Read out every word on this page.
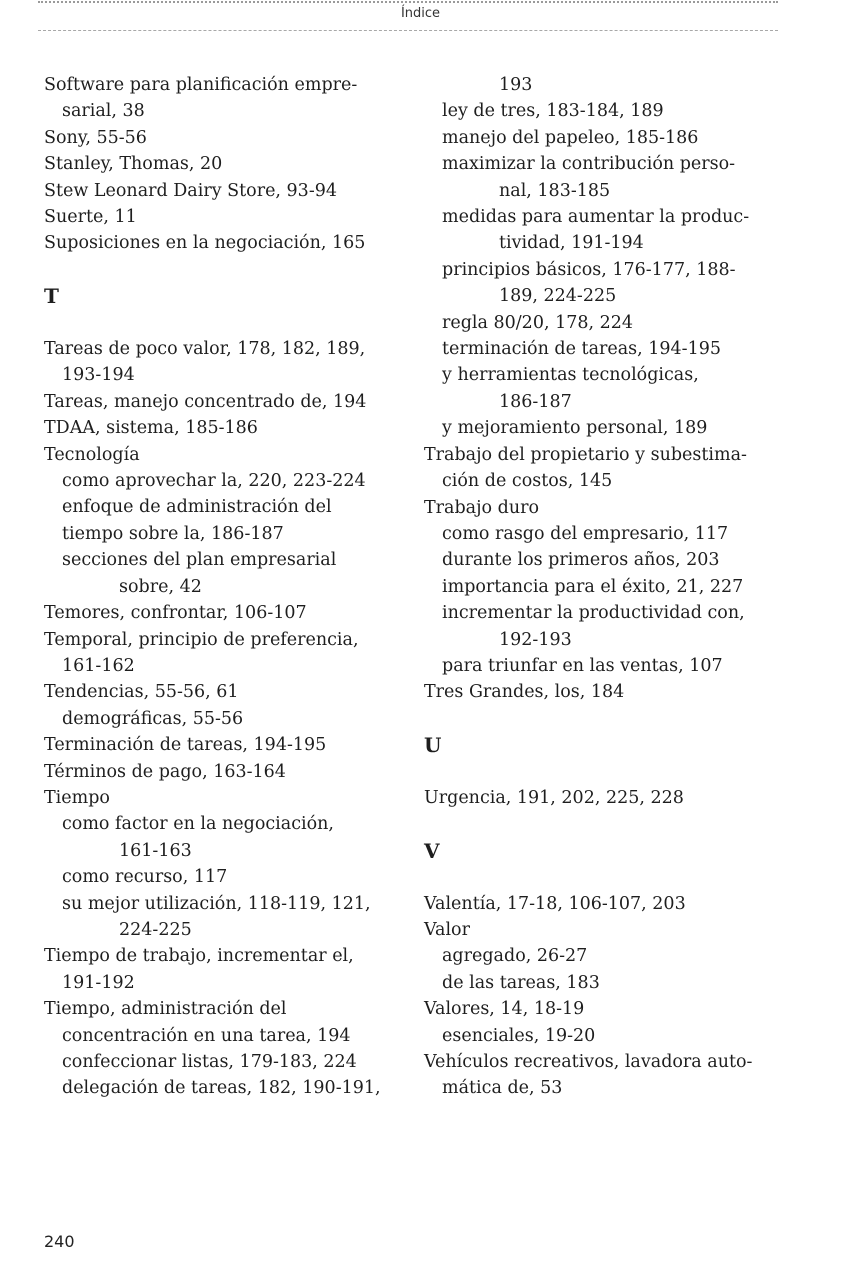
Índice
Software para planificación empre-
sarial, 38
Sony, 55-56
Stanley, Thomas, 20
Stew Leonard Dairy Store, 93-94
Suerte, 11
Suposiciones en la negociación, 165
T
Tareas de poco valor, 178, 182, 189,
193-194
Tareas, manejo concentrado de, 194
TDAA, sistema, 185-186
Tecnología
como aprovechar la, 220, 223-224
enfoque de administración del
tiempo sobre la, 186-187
secciones del plan empresarial
sobre, 42
Temores, confrontar, 106-107
Temporal, principio de preferencia,
161-162
Tendencias, 55-56, 61
demográficas, 55-56
Terminación de tareas, 194-195
Términos de pago, 163-164
Tiempo
como factor en la negociación,
161-163
como recurso, 117
su mejor utilización, 118-119, 121,
224-225
Tiempo de trabajo, incrementar el,
191-192
Tiempo, administración del
concentración en una tarea, 194
confeccionar listas, 179-183, 224
delegación de tareas, 182, 190-191,
193
ley de tres, 183-184, 189
manejo del papeleo, 185-186
maximizar la contribución perso-
nal, 183-185
medidas para aumentar la produc-
tividad, 191-194
principios básicos, 176-177, 188-
189, 224-225
regla 80/20, 178, 224
terminación de tareas, 194-195
y herramientas tecnológicas,
186-187
y mejoramiento personal, 189
Trabajo del propietario y subestima-
ción de costos, 145
Trabajo duro
como rasgo del empresario, 117
durante los primeros años, 203
importancia para el éxito, 21, 227
incrementar la productividad con,
192-193
para triunfar en las ventas, 107
Tres Grandes, los, 184
U
Urgencia, 191, 202, 225, 228
V
Valentía, 17-18, 106-107, 203
Valor
agregado, 26-27
de las tareas, 183
Valores, 14, 18-19
esenciales, 19-20
Vehículos recreativos, lavadora auto-
mática de, 53
240
